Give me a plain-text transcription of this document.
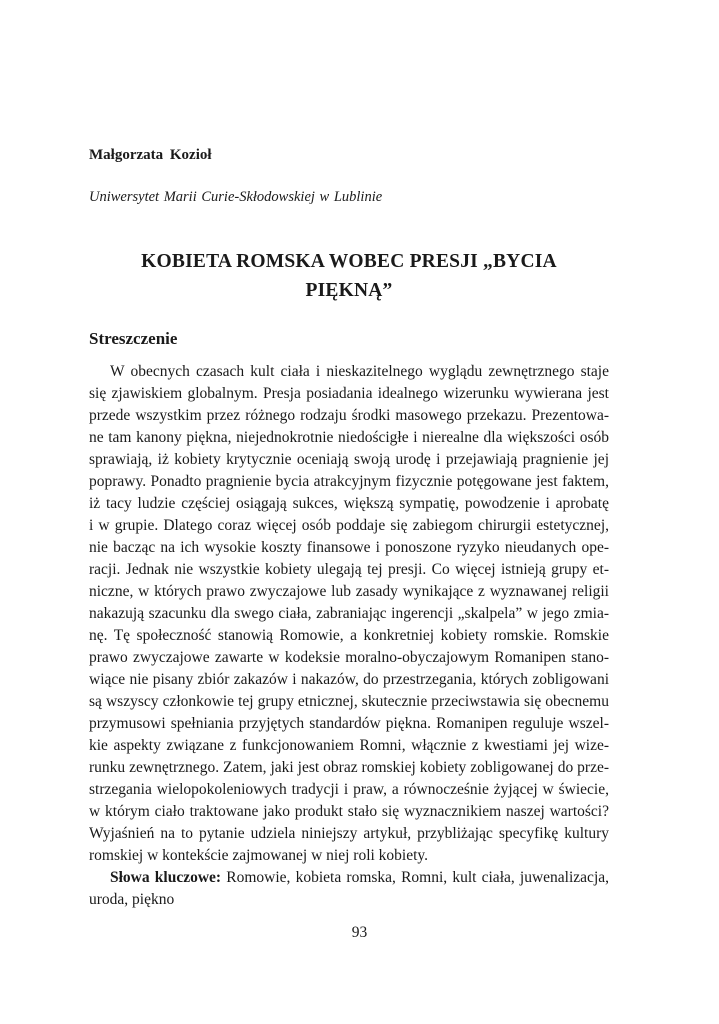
Małgorzata Kozioł
Uniwersytet Marii Curie-Skłodowskiej w Lublinie
KOBIETA ROMSKA WOBEC PRESJI „BYCIA
PIĘKNĄ”
Streszczenie
W obecnych czasach kult ciała i nieskazitelnego wyglądu zewnętrznego staje
się zjawiskiem globalnym. Presja posiadania idealnego wizerunku wywierana jest
przede wszystkim przez różnego rodzaju środki masowego przekazu. Prezentowa-
ne tam kanony piękna, niejednokrotnie niedościgłe i nierealne dla większości osób
sprawiają, iż kobiety krytycznie oceniają swoją urodę i przejawiają pragnienie jej
poprawy. Ponadto pragnienie bycia atrakcyjnym fizycznie potęgowane jest faktem,
iż tacy ludzie częściej osiągają sukces, większą sympatię, powodzenie i aprobatę
i w grupie. Dlatego coraz więcej osób poddaje się zabiegom chirurgii estetycznej,
nie bacząc na ich wysokie koszty finansowe i ponoszone ryzyko nieudanych ope-
racji. Jednak nie wszystkie kobiety ulegają tej presji. Co więcej istnieją grupy et-
niczne, w których prawo zwyczajowe lub zasady wynikające z wyznawanej religii
nakazują szacunku dla swego ciała, zabraniając ingerencji „skalpela” w jego zmia-
nę. Tę społeczność stanowią Romowie, a konkretniej kobiety romskie. Romskie
prawo zwyczajowe zawarte w kodeksie moralno-obyczajowym Romanipen stano-
wiące nie pisany zbiór zakazów i nakazów, do przestrzegania, których zobligowani
są wszyscy członkowie tej grupy etnicznej, skutecznie przeciwstawia się obecnemu
przymusowi spełniania przyjętych standardów piękna. Romanipen reguluje wszel-
kie aspekty związane z funkcjonowaniem Romni, włącznie z kwestiami jej wize-
runku zewnętrznego. Zatem, jaki jest obraz romskiej kobiety zobligowanej do prze-
strzegania wielopokoleniowych tradycji i praw, a równocześnie żyjącej w świecie,
w którym ciało traktowane jako produkt stało się wyznacznikiem naszej wartości?
Wyjaśnień na to pytanie udziela niniejszy artykuł, przybliżając specyfikę kultury
romskiej w kontekście zajmowanej w niej roli kobiety.
Słowa kluczowe: Romowie, kobieta romska, Romni, kult ciała, juwenalizacja,
uroda, piękno
93
